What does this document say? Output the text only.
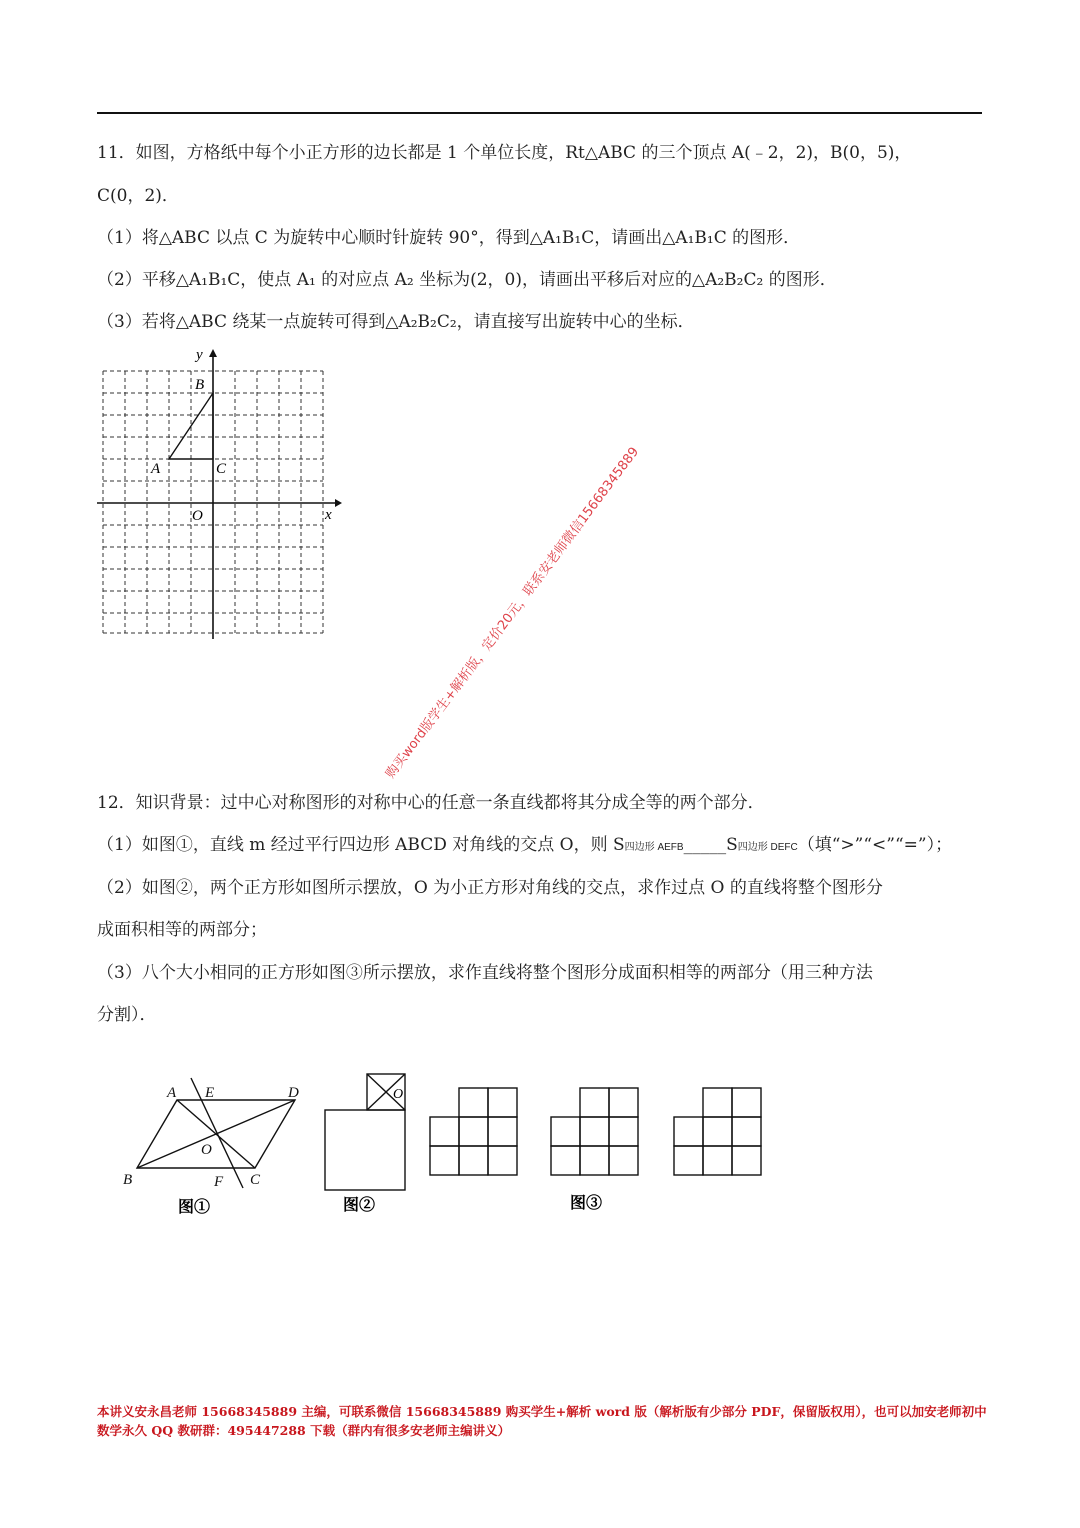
11．如图，方格纸中每个小正方形的边长都是 1 个单位长度，Rt△ABC 的三个顶点 A(﹣2，2)，B(0，5)，
C(0，2)．
（1）将△ABC 以点 C 为旋转中心顺时针旋转 90°，得到△A₁B₁C，请画出△A₁B₁C 的图形．
（2）平移△A₁B₁C，使点 A₁ 的对应点 A₂ 坐标为(2，0)，请画出平移后对应的△A₂B₂C₂ 的图形．
（3）若将△ABC 绕某一点旋转可得到△A₂B₂C₂，请直接写出旋转中心的坐标．
y
x
O
A
B
C	购买word版学生+解析版，定价20元，联系安老师微信15668345889
12．知识背景：过中心对称图形的对称中心的任意一条直线都将其分成全等的两个部分．
（1）如图①，直线 m 经过平行四边形 ABCD 对角线的交点 O，则 S四边形 AEFB_____S四边形 DEFC（填“>”“<”“=”）；
（2）如图②，两个正方形如图所示摆放，O 为小正方形对角线的交点，求作过点 O 的直线将整个图形分
成面积相等的两部分；
（3）八个大小相同的正方形如图③所示摆放，求作直线将整个图形分成面积相等的两部分（用三种方法
分割）．
A E	D
B	F C
O
图①
O
图②	图③
本讲义安永昌老师 15668345889 主编，可联系微信 15668345889 购买学生+解析 word 版（解析版有少部分 PDF，保留版权用），也可以加安老师初中数学永久 QQ 教研群：495447288 下载（群内有很多安老师主编讲义）
